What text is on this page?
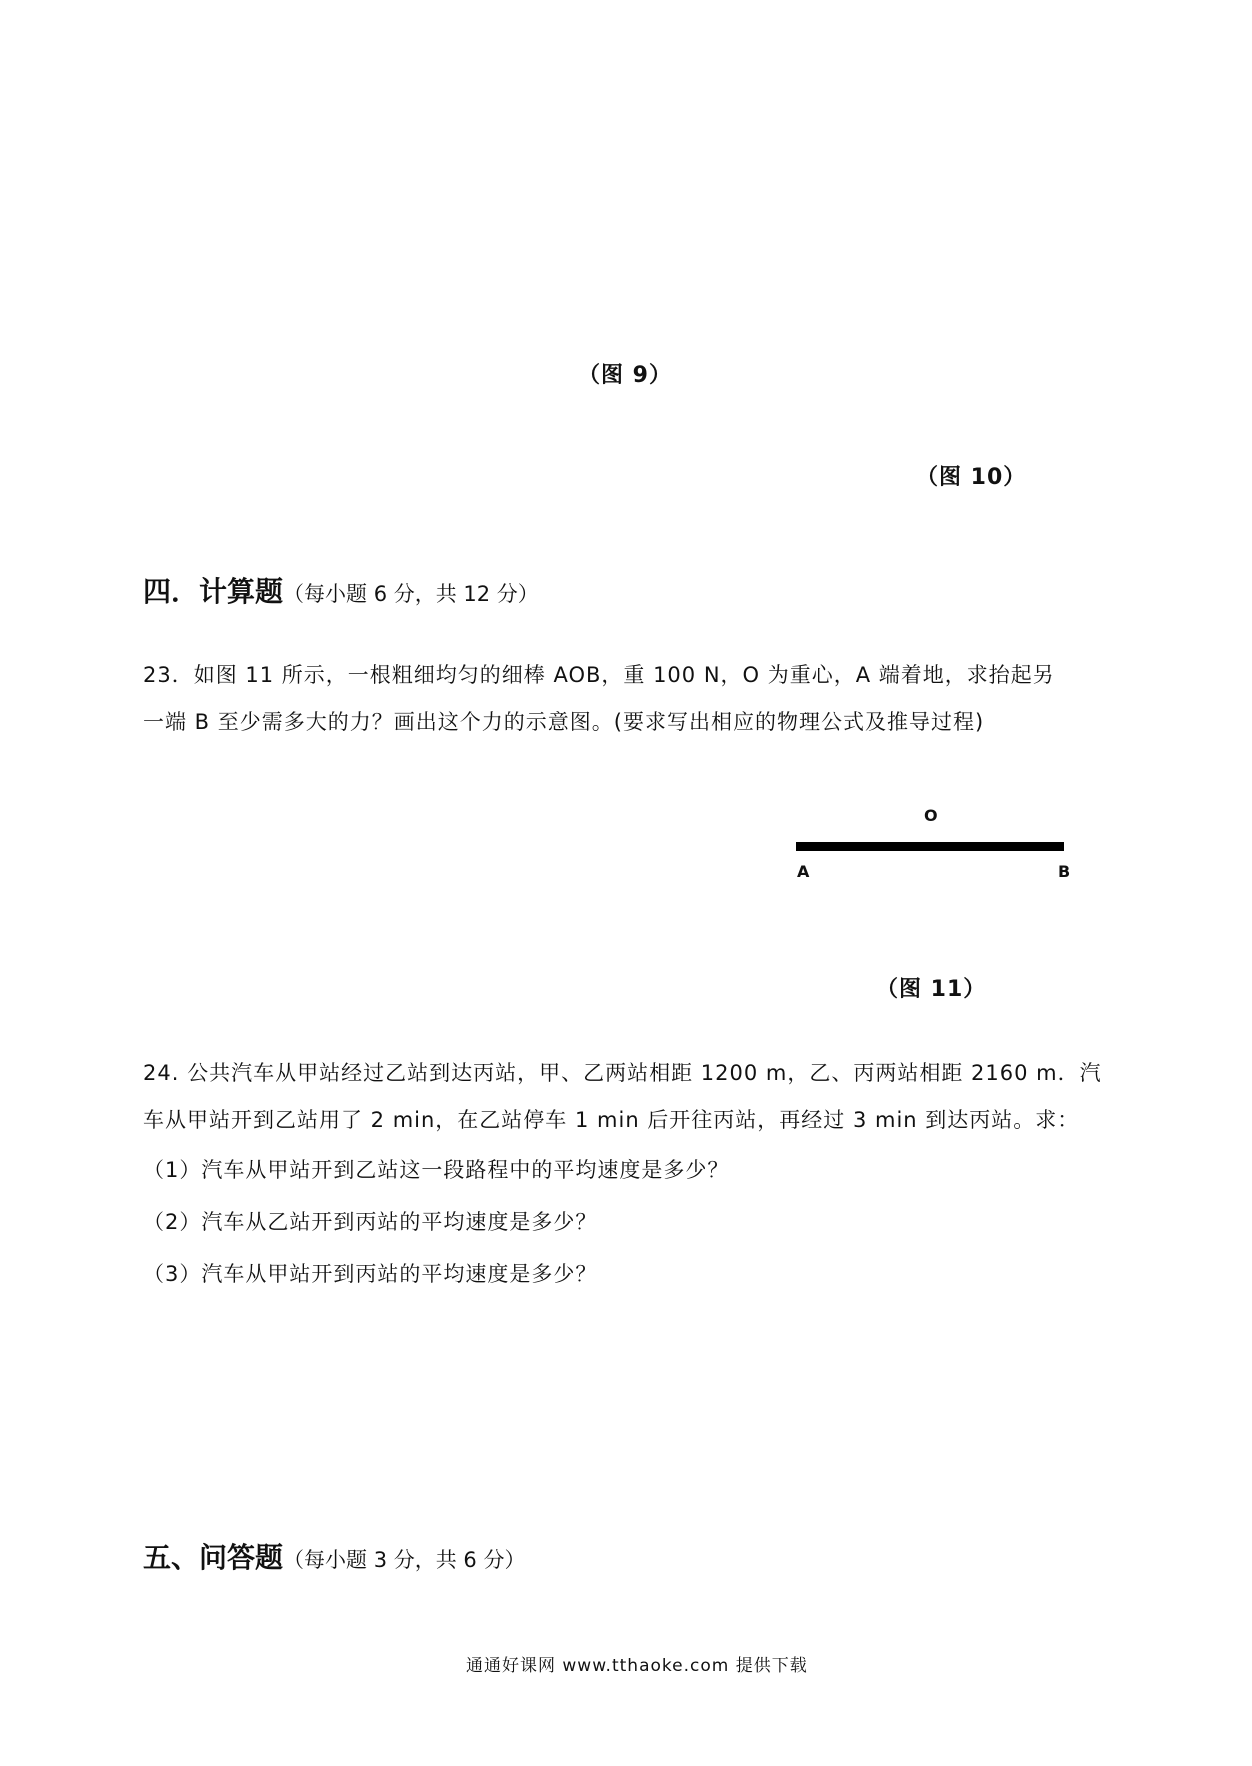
（图 9）
（图 10）
四．计算题（每小题 6 分，共 12 分）
23．如图 11 所示，一根粗细均匀的细棒 AOB，重 100 N，O 为重心，A 端着地，求抬起另
一端 B 至少需多大的力？画出这个力的示意图。(要求写出相应的物理公式及推导过程)
O
A	B
（图 11）
24. 公共汽车从甲站经过乙站到达丙站，甲、乙两站相距 1200 m，乙、丙两站相距 2160 m．汽
车从甲站开到乙站用了 2 min，在乙站停车 1 min 后开往丙站，再经过 3 min 到达丙站。求：
（1）汽车从甲站开到乙站这一段路程中的平均速度是多少？
（2）汽车从乙站开到丙站的平均速度是多少？
（3）汽车从甲站开到丙站的平均速度是多少？
五、问答题（每小题 3 分，共 6 分）
通通好课网 www.tthaoke.com 提供下载
